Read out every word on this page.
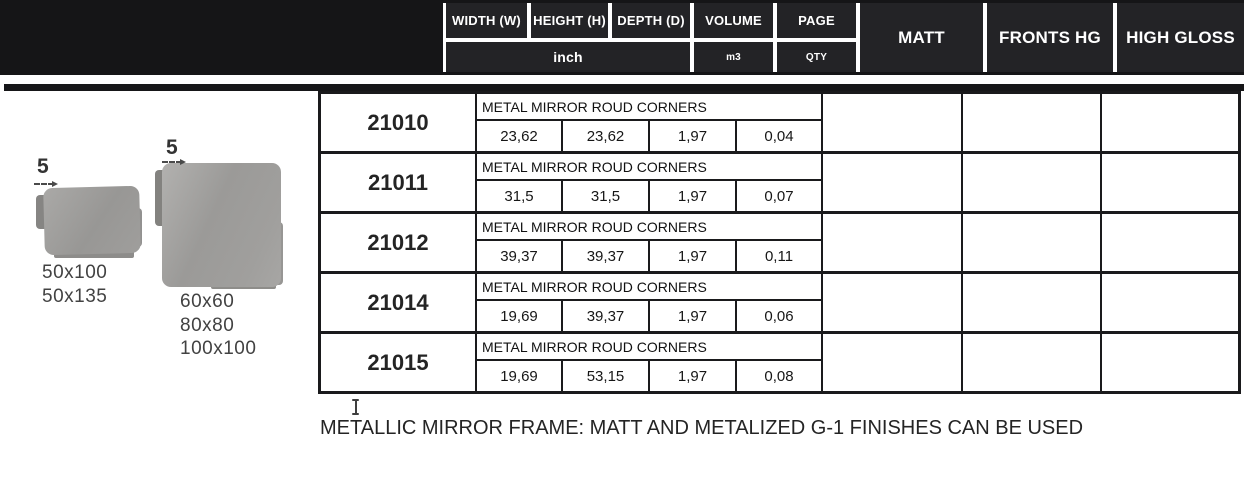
WIDTH (W) HEIGHT (H) DEPTH (D)	VOLUME	PAGE
inch	m3	QTY
MATT	FRONTS HG	HIGH GLOSS
5
50x100
50x135
5
60x60
80x80
100x100
21010
METAL MIRROR ROUD CORNERS
23,62	23,62	1,97	0,04
21011
METAL MIRROR ROUD CORNERS
31,5	31,5	1,97	0,07
21012
METAL MIRROR ROUD CORNERS
39,37	39,37	1,97	0,11
21014
METAL MIRROR ROUD CORNERS
19,69	39,37	1,97	0,06
21015
METAL MIRROR ROUD CORNERS
19,69	53,15	1,97	0,08
METALLIC MIRROR FRAME: MATT AND METALIZED G-1 FINISHES CAN BE USED
